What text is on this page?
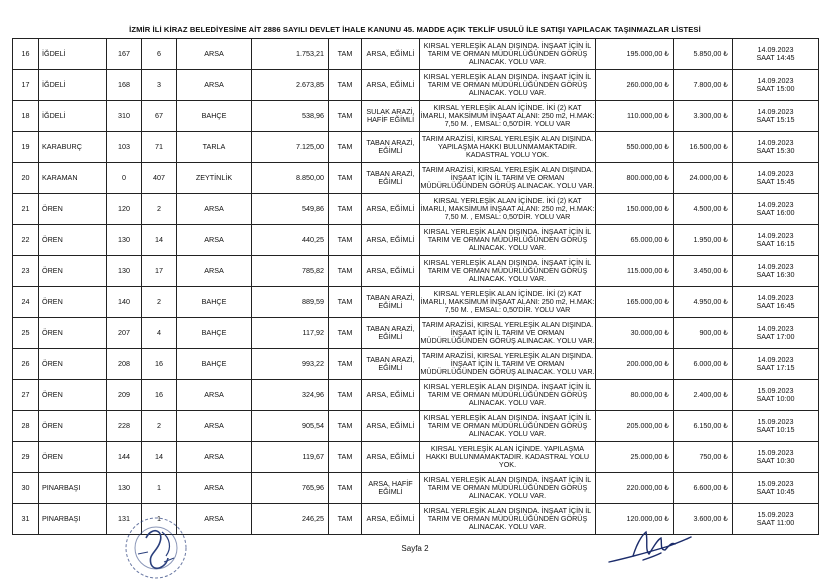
İZMİR İLİ KİRAZ BELEDİYESİNE AİT 2886 SAYILI DEVLET İHALE KANUNU 45. MADDE AÇIK TEKLİF USULÜ İLE SATIŞI YAPILACAK TAŞINMAZLAR LİSTESİ
16	İĞDELİ	167	6	ARSA	1.753,21	TAM	ARSA, EĞİMLİ	KIRSAL YERLEŞİK ALAN DIŞINDA. İNŞAAT İÇİN İL TARIM VE ORMAN MÜDÜRLÜĞÜNDEN GÖRÜŞ ALINACAK. YOLU VAR.	195.000,00 ₺	5.850,00 ₺	14.09.2023
SAAT 14:45

17	İĞDELİ	168	3	ARSA	2.673,85	TAM	ARSA, EĞİMLİ	KIRSAL YERLEŞİK ALAN DIŞINDA. İNŞAAT İÇİN İL TARIM VE ORMAN MÜDÜRLÜĞÜNDEN GÖRÜŞ ALINACAK. YOLU VAR.	260.000,00 ₺	7.800,00 ₺	14.09.2023
SAAT 15:00

18	İĞDELİ	310	67	BAHÇE	538,96	TAM	SULAK ARAZİ, HAFİF EĞİMLİ	KIRSAL YERLEŞİK ALAN İÇİNDE. İKİ (2) KAT İMARLI, MAKSİMUM İNŞAAT ALANI: 250 m2, H.MAK: 7,50 M. , EMSAL: 0,50'DİR. YOLU VAR	110.000,00 ₺	3.300,00 ₺	14.09.2023
SAAT 15:15

19	KARABURÇ	103	71	TARLA	7.125,00	TAM	TABAN ARAZİ, EĞİMLİ	TARIM ARAZİSİ, KIRSAL YERLEŞİK ALAN DIŞINDA. YAPILAŞMA HAKKI BULUNMAMAKTADIR. KADASTRAL YOLU YOK.	550.000,00 ₺	16.500,00 ₺	14.09.2023
SAAT 15:30

20	KARAMAN	0	407	ZEYTİNLİK	8.850,00	TAM	TABAN ARAZİ, EĞİMLİ	TARIM ARAZİSİ, KIRSAL YERLEŞİK ALAN DIŞINDA. İNŞAAT İÇİN İL TARIM VE ORMAN MÜDÜRLÜĞÜNDEN GÖRÜŞ ALINACAK. YOLU VAR.	800.000,00 ₺	24.000,00 ₺	14.09.2023
SAAT 15:45

21	ÖREN	120	2	ARSA	549,86	TAM	ARSA, EĞİMLİ	KIRSAL YERLEŞİK ALAN İÇİNDE. İKİ (2) KAT İMARLI, MAKSİMUM İNŞAAT ALANI: 250 m2, H.MAK: 7,50 M. , EMSAL: 0,50'DİR. YOLU VAR	150.000,00 ₺	4.500,00 ₺	14.09.2023
SAAT 16:00

22	ÖREN	130	14	ARSA	440,25	TAM	ARSA, EĞİMLİ	KIRSAL YERLEŞİK ALAN DIŞINDA. İNŞAAT İÇİN İL TARIM VE ORMAN MÜDÜRLÜĞÜNDEN GÖRÜŞ ALINACAK. YOLU VAR.	65.000,00 ₺	1.950,00 ₺	14.09.2023
SAAT 16:15

23	ÖREN	130	17	ARSA	785,82	TAM	ARSA, EĞİMLİ	KIRSAL YERLEŞİK ALAN DIŞINDA. İNŞAAT İÇİN İL TARIM VE ORMAN MÜDÜRLÜĞÜNDEN GÖRÜŞ ALINACAK. YOLU VAR.	115.000,00 ₺	3.450,00 ₺	14.09.2023
SAAT 16:30

24	ÖREN	140	2	BAHÇE	889,59	TAM	TABAN ARAZİ, EĞİMLİ	KIRSAL YERLEŞİK ALAN İÇİNDE. İKİ (2) KAT İMARLI, MAKSİMUM İNŞAAT ALANI: 250 m2, H.MAK: 7,50 M. , EMSAL: 0,50'DİR. YOLU VAR	165.000,00 ₺	4.950,00 ₺	14.09.2023
SAAT 16:45

25	ÖREN	207	4	BAHÇE	117,92	TAM	TABAN ARAZİ, EĞİMLİ	TARIM ARAZİSİ, KIRSAL YERLEŞİK ALAN DIŞINDA. İNŞAAT İÇİN İL TARIM VE ORMAN MÜDÜRLÜĞÜNDEN GÖRÜŞ ALINACAK. YOLU VAR.	30.000,00 ₺	900,00 ₺	14.09.2023
SAAT 17:00

26	ÖREN	208	16	BAHÇE	993,22	TAM	TABAN ARAZİ, EĞİMLİ	TARIM ARAZİSİ, KIRSAL YERLEŞİK ALAN DIŞINDA. İNŞAAT İÇİN İL TARIM VE ORMAN MÜDÜRLÜĞÜNDEN GÖRÜŞ ALINACAK. YOLU VAR.	200.000,00 ₺	6.000,00 ₺	14.09.2023
SAAT 17:15

27	ÖREN	209	16	ARSA	324,96	TAM	ARSA, EĞİMLİ	KIRSAL YERLEŞİK ALAN DIŞINDA. İNŞAAT İÇİN İL TARIM VE ORMAN MÜDÜRLÜĞÜNDEN GÖRÜŞ ALINACAK. YOLU VAR.	80.000,00 ₺	2.400,00 ₺	15.09.2023
SAAT 10:00

28	ÖREN	228	2	ARSA	905,54	TAM	ARSA, EĞİMLİ	KIRSAL YERLEŞİK ALAN DIŞINDA. İNŞAAT İÇİN İL TARIM VE ORMAN MÜDÜRLÜĞÜNDEN GÖRÜŞ ALINACAK. YOLU VAR.	205.000,00 ₺	6.150,00 ₺	15.09.2023
SAAT 10:15

29	ÖREN	144	14	ARSA	119,67	TAM	ARSA, EĞİMLİ	KIRSAL YERLEŞİK ALAN İÇİNDE. YAPILAŞMA HAKKI BULUNMAMAKTADIR. KADASTRAL YOLU YOK.	25.000,00 ₺	750,00 ₺	15.09.2023
SAAT 10:30

30	PINARBAŞI	130	1	ARSA	765,96	TAM	ARSA, HAFİF EĞİMLİ	KIRSAL YERLEŞİK ALAN DIŞINDA. İNŞAAT İÇİN İL TARIM VE ORMAN MÜDÜRLÜĞÜNDEN GÖRÜŞ ALINACAK. YOLU VAR.	220.000,00 ₺	6.600,00 ₺	15.09.2023
SAAT 10:45

31	PINARBAŞI	131	1	ARSA	246,25	TAM	ARSA, EĞİMLİ	KIRSAL YERLEŞİK ALAN DIŞINDA. İNŞAAT İÇİN İL TARIM VE ORMAN MÜDÜRLÜĞÜNDEN GÖRÜŞ ALINACAK. YOLU VAR.	120.000,00 ₺	3.600,00 ₺	15.09.2023
SAAT 11:00
Sayfa 2
